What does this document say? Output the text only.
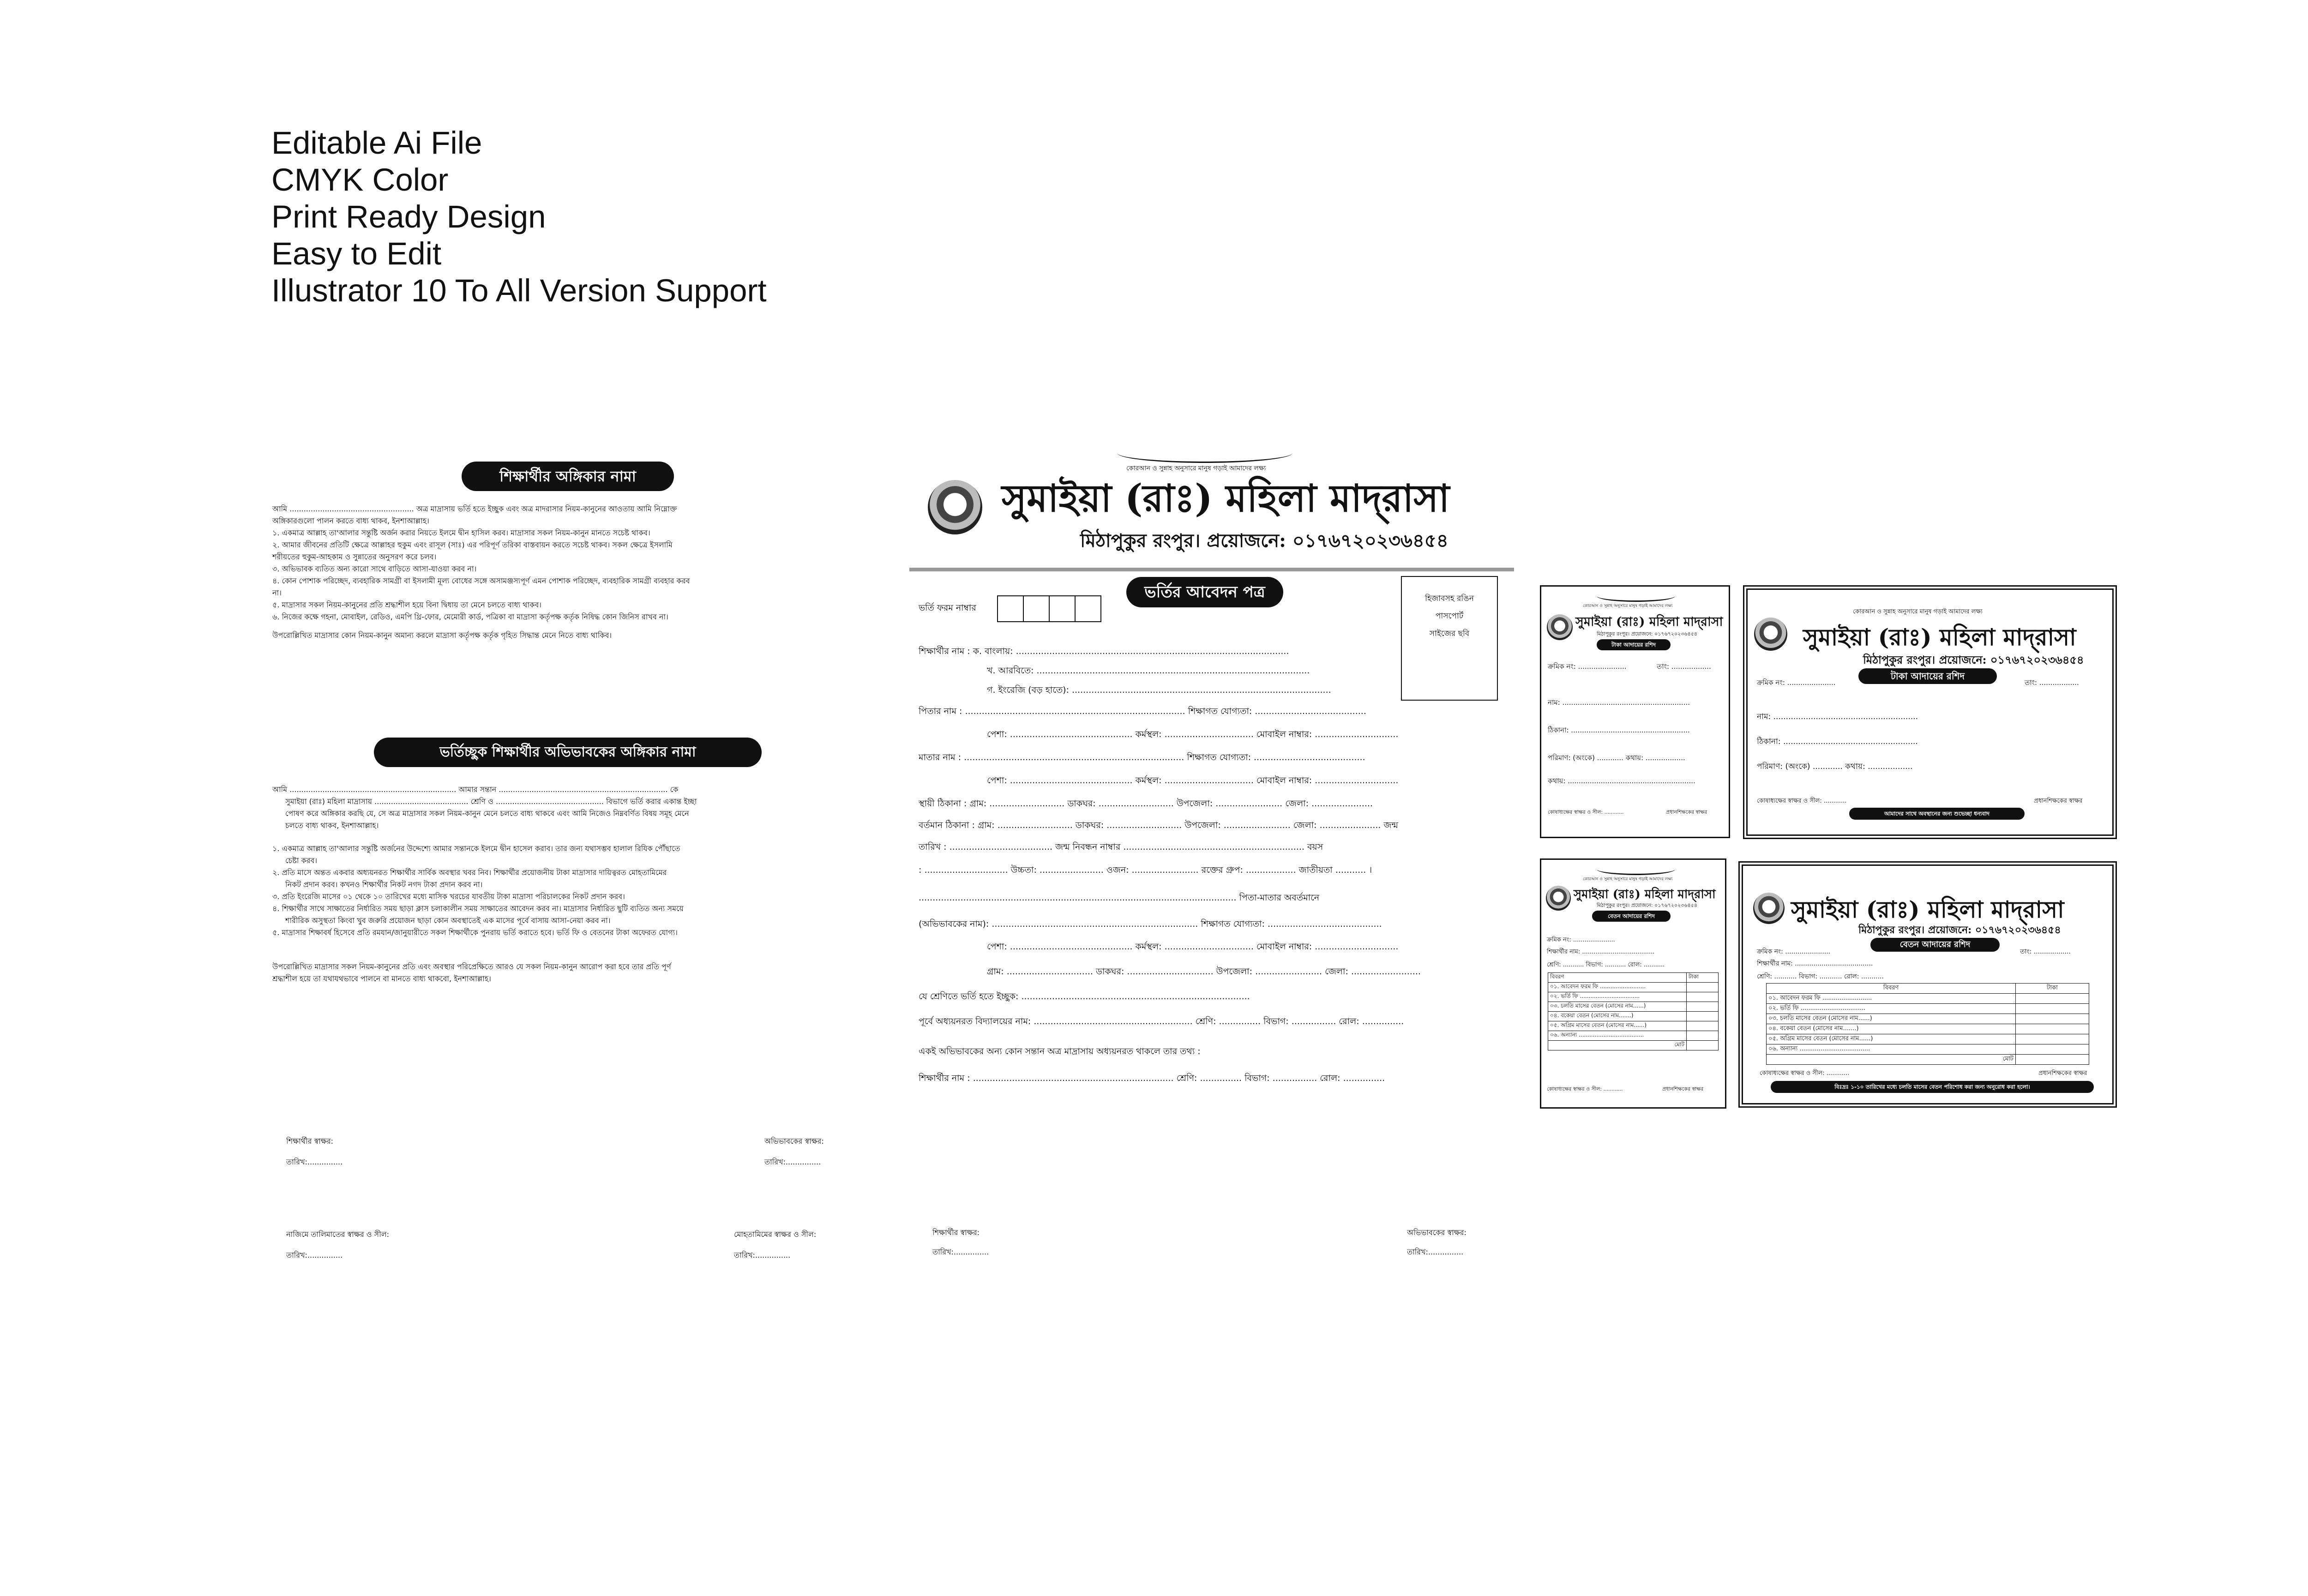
Editable Ai File
CMYK Color
Print Ready Design
Easy to Edit
Illustrator 10 To All Version Support
শিক্ষার্থীর অঙ্গিকার নামা
আমি ..................................................... অত্র মাদ্রাসায় ভর্তি হতে ইচ্ছুক এবং অত্র মাদরাসার নিয়ম-কানুনের আওতায় আমি নিম্নোক্ত
অঙ্গিকারগুলো পালন করতে বাধ্য থাকব, ইনশাআল্লাহ।
১. একমাত্র আল্লাহ তা'আলার সন্তুষ্টি অর্জন করার নিয়তে ইলমে দ্বীন হাসিল করব। মাদ্রাসার সকল নিয়ম-কানুন মানতে সচেষ্ট থাকব।
২. আমার জীবনের প্রতিটি ক্ষেত্রে আল্লাহর হুকুম এবং রাসূল (সাঃ) এর পরিপূর্ণ তরিকা বাস্তবায়ন করতে সচেষ্ট থাকব। সকল ক্ষেত্রে ইসলামি
শরীয়তের হুকুম-আহকাম ও সুন্নাতের অনুসরণ করে চলব।
৩. অভিভাবক ব্যতিত অন্য কারো সাথে বাড়িতে আসা-যাওয়া করব না।
৪. কোন পোশাক পরিচ্ছেদ, ব্যবহারিক সামগ্রী বা ইসলামী মূল্য বোধের সঙ্গে অসামঞ্জস্যপূর্ণ এমন পোশাক পরিচ্ছেদ, ব্যবহারিক সামগ্রী ব্যবহার করব
না।
৫. মাদ্রাসার সকল নিয়ম-কানুনের প্রতি শ্রদ্ধাশীল হয়ে বিনা দ্বিধায় তা মেনে চলতে বাধ্য থাকব।
৬. নিজের কক্ষে গহনা, মোবাইল, রেডিও, এমপি থ্রি-ফোর, মেমোরী কার্ড, পত্রিকা বা মাদ্রাসা কর্তৃপক্ষ কর্তৃক নিষিদ্ধ কোন জিনিস রাখব না।
উপরোল্লিখিত মাদ্রাসার কোন নিয়ম-কানুন অমান্য করলে মাদ্রাসা কর্তৃপক্ষ কর্তৃক গৃহিত সিদ্ধান্ত মেনে নিতে বাধ্য থাকিব।
ভর্তিচ্ছুক শিক্ষার্থীর অভিভাবকের অঙ্গিকার নামা
আমি ....................................................................... আমার সন্তান ........................................................................ কে
সুমাইয়া (রাঃ) মহিলা মাদ্রাসায় ........................................ শ্রেণি ও .............................................. বিভাগে ভর্তি করার একান্ত ইচ্ছা
পোষণ করে অঙ্গিকার করছি যে, সে অত্র মাদ্রাসার সকল নিয়ম-কানুন মেনে চলতে বাধ্য থাকবে এবং আমি নিজেও নিম্নবর্ণিত বিষয় সমূহ মেনে
চলতে বাধ্য থাকব, ইনশাআল্লাহ।
১. একমাত্র আল্লাহ তা'আলার সন্তুষ্টি অর্জনের উদ্দেশ্যে আমার সন্তানকে ইলমে দ্বীন হাসেল করাব। তার জন্য যথাসম্ভব হালাল রিযিক পৌঁছাতে
চেষ্টা করব।
২. প্রতি মাসে অন্তত একবার অধ্যয়নরত শিক্ষার্থীর সার্বিক অবস্থার খবর নিব। শিক্ষার্থীর প্রয়োজনীয় টাকা মাদ্রাসার দায়িত্বরত মোহতামিমের
নিকট প্রদান করব। কখনও শিক্ষার্থীর নিকট নগদ টাকা প্রদান করব না।
৩. প্রতি ইংরেজি মাসের ০১ থেকে ১০ তারিখের মধ্যে মাসিক খরচের যাবতীয় টাকা মাদ্রাসা পরিচালকের নিকট প্রদান করব।
৪. শিক্ষার্থীর সাথে সাক্ষাতের নির্ধারিত সময় ছাড়া ক্লাস চলাকালীন সময় সাক্ষাতের আবেদন করব না। মাদ্রাসার নির্ধারিত ছুটি ব্যতিত অন্য সময়ে
শারীরিক অসুস্থতা কিংবা খুব জরুরি প্রয়োজন ছাড়া কোন অবস্থাতেই এক মাসের পূর্বে বাসায় আসা-নেয়া করব না।
৫. মাদ্রাসার শিক্ষাবর্ষ হিসেবে প্রতি রমযান/জানুয়ারীতে সকল শিক্ষার্থীকে পুনরায় ভর্তি করাতে হবে। ভর্তি ফি ও বেতনের টাকা অফেরত যোগ্য।
উপরোল্লিখিত মাদ্রাসার সকল নিয়ম-কানুনের প্রতি এবং অবস্থার পরিপ্রেক্ষিতে আরও যে সকল নিয়ম-কানুন আরোপ করা হবে তার প্রতি পূর্ণ
শ্রদ্ধাশীল হয়ে তা যথাযথভাবে পালনে বা মানতে বাধ্য থাকবো, ইনশাআল্লাহ।
শিক্ষার্থীর স্বাক্ষর:	অভিভাবকের স্বাক্ষর:
তারিখ:...............	তারিখ:...............
নাজিমে তালিমাতের স্বাক্ষর ও সীল:	মোহতামিমের স্বাক্ষর ও সীল:
তারিখ:...............	তারিখ:...............
কোরআন ও সুন্নাহ অনুসারে মানুষ গড়াই আমাদের লক্ষ্য
সুমাইয়া (রাঃ) মহিলা মাদ্‌রাসা
মিঠাপুকুর রংপুর। প্রয়োজনে: ০১৭৬৭২০২৩৬৪৫৪
ভর্তির আবেদন পত্র
ভর্তি ফরম নাম্বার
হিজাবসহ রঙিন
পাসপোর্ট
সাইজের ছবি
শিক্ষার্থীর নাম : ক. বাংলায়: ..................................................................................................
খ. আরবিতে: ..................................................................................................
গ. ইংরেজি (বড় হাতে): .............................................................................................
পিতার নাম : ............................................................................... শিক্ষাগত যোগ্যতা: ........................................
পেশা: ............................................ কর্মস্থল: ................................ মোবাইল নাম্বার: ..............................
মাতার নাম : ............................................................................... শিক্ষাগত যোগ্যতা: ........................................
পেশা: ............................................ কর্মস্থল: ................................ মোবাইল নাম্বার: ..............................
স্থায়ী ঠিকানা : গ্রাম: ........................... ডাকঘর: ........................... উপজেলা: ........................ জেলা: ......................
বর্তমান ঠিকানা : গ্রাম: ........................... ডাকঘর: ........................... উপজেলা: ........................ জেলা: ...................... জন্ম
তারিখ : ..................................... জন্ম নিবন্ধন নাম্বার ................................................................. বয়স
: .............................. উচ্চতা: ....................... ওজন: ........................ রক্তের গ্রুপ: .................. জাতীয়তা ........... ।
.................................................................................................................. পিতা-মাতার অবর্তমানে
(অভিভাবকের নাম): .......................................................................... শিক্ষাগত যোগ্যতা: .........................................
পেশা: ............................................ কর্মস্থল: ................................ মোবাইল নাম্বার: ..............................
গ্রাম: ............................... ডাকঘর: ............................... উপজেলা: ........................ জেলা: .........................
যে শ্রেণিতে ভর্তি হতে ইচ্ছুক: ..................................................................................
পূর্বে অধ্যয়নরত বিদ্যালয়ের নাম: ......................................................... শ্রেণি: ............... বিভাগ: ................ রোল: ...............
একই অভিভাবকের অন্য কোন সন্তান অত্র মাদ্রাসায় অধ্যয়নরত থাকলে তার তথ্য :
শিক্ষার্থীর নাম : ........................................................................ শ্রেণি: ............... বিভাগ: ................ রোল: ...............
শিক্ষার্থীর স্বাক্ষর:	অভিভাবকের স্বাক্ষর:
তারিখ:...............	তারিখ:...............
কোরআন ও সুন্নাহ অনুসারে মানুষ গড়াই আমাদের লক্ষ্য
সুমাইয়া (রাঃ) মহিলা মাদ্‌রাসা
মিঠাপুকুর রংপুর। প্রয়োজনে: ০১৭৬৭২০২৩৬৪৫৪
টাকা আদায়ের রশিদ
ক্রমিক নং: ......................	তাং: ..................
নাম: ..........................................................
ঠিকানা: ......................................................
পরিমাণ: (অংকে) ............ কথায়: ..................
কথায়: ..........................................................
কোষাধ্যক্ষের স্বাক্ষর ও সীল: ............	প্রধানশিক্ষকের স্বাক্ষর
কোরআন ও সুন্নাহ অনুসারে মানুষ গড়াই আমাদের লক্ষ্য
সুমাইয়া (রাঃ) মহিলা মাদ্‌রাসা
মিঠাপুকুর রংপুর। প্রয়োজনে: ০১৭৬৭২০২৩৬৪৫৪
টাকা আদায়ের রশিদ
ক্রমিক নং: ......................	তাং: ..................
নাম: ..........................................................
ঠিকানা: ......................................................
পরিমাণ: (অংকে) ............ কথায়: ..................
কোষাধ্যক্ষের স্বাক্ষর ও সীল: ............	প্রধানশিক্ষকের স্বাক্ষর
আমাদের সাথে অবস্থানের জন্য শুভেচ্ছা ধন্যবাদ
কোরআন ও সুন্নাহ অনুসারে মানুষ গড়াই আমাদের লক্ষ্য
সুমাইয়া (রাঃ) মহিলা মাদ্‌রাসা
মিঠাপুকুর রংপুর। প্রয়োজনে: ০১৭৬৭২০২৩৬৪৫৪
বেতন আদায়ের রশিদ
ক্রমিক নং: ......................
শিক্ষার্থীর নাম: ......................................
শ্রেণি: ........... বিভাগ: ........... রোল: ...........
বিবরণ	টাকা
০১. আবেদন ফরম ফি ..........................	
০২. ভর্তি ফি ..................................	
০৩. চলতি মাসের বেতন (মোসের নাম......)	
০৪. বকেয়া বেতন (মোসের নাম.......)	
০৫. অগ্রিম মাসের বেতন (মোসের নাম......)	
০৬. অন্যান্য .....................................	
মোট	
কোষাধ্যক্ষের স্বাক্ষর ও সীল: ............	প্রধানশিক্ষকের স্বাক্ষর
সুমাইয়া (রাঃ) মহিলা মাদ্‌রাসা
মিঠাপুকুর রংপুর। প্রয়োজনে: ০১৭৬৭২০২৩৬৪৫৪
বেতন আদায়ের রশিদ
ক্রমিক নং: ......................	তাং: ..................
শিক্ষার্থীর নাম: ......................................
শ্রেণি: ........... বিভাগ: ........... রোল: ...........
বিবরণ	টাকা
০১. আবেদন ফরম ফি ..........................	
০২. ভর্তি ফি ..................................	
০৩. চলতি মাসের বেতন (মোসের নাম......)	
০৪. বকেয়া বেতন (মোসের নাম.......)	
০৫. অগ্রিম মাসের বেতন (মোসের নাম......)	
০৬. অন্যান্য .....................................	
মোট	
কোষাধ্যক্ষের স্বাক্ষর ও সীল: ............	প্রধানশিক্ষকের স্বাক্ষর
বিঃদ্রঃ ১-১০ তারিখের মধ্যে চলতি মাসের বেতন পরিশোধ করা জন্য অনুরোধ করা হলো।
